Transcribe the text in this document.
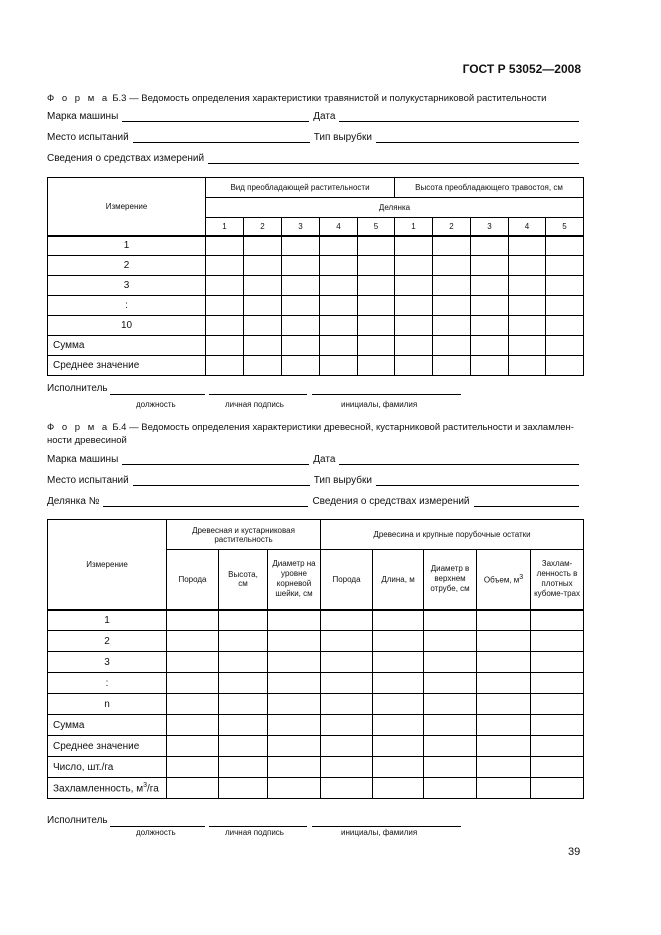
ГОСТ Р 53052—2008
Ф о р м а Б.3 — Ведомость определения характеристики травянистой и полукустарниковой растительности
Марка машины	Дата
Место испытаний	Тип вырубки
Сведения о средствах измерений
Измерение	Вид преобладающей растительности					Высота преобладающего травостоя, см				
	Делянка									
	1	2	3	4	5	1	2	3	4	5
1										
2										
3										
:										
10										
Сумма										
Среднее значение										
Исполнитель
должность	личная подпись	инициалы, фамилия
Ф о р м а Б.4 — Ведомость определения характеристики древесной, кустарниковой растительности и захламлен-
ности древесиной
Марка машины	Дата
Место испытаний	Тип вырубки
Делянка №	Сведения о средствах измерений
Измерение	Древесная и кустарниковая растительность			Древесина и крупные порубочные остатки				
	Порода	Высота, см	Диаметр на уровне корневой шейки, см	Порода	Длина, м	Диаметр в верхнем отрубе, см	Объем, $м^3$	Захлам-ленность в плотных кубоме-трах
1								
2								
3								
:								
n								
Сумма								
Среднее значение								
Число, шт./га								
Захламленность, $м^3/га$								
Исполнитель
должность	личная подпись	инициалы, фамилия
39
